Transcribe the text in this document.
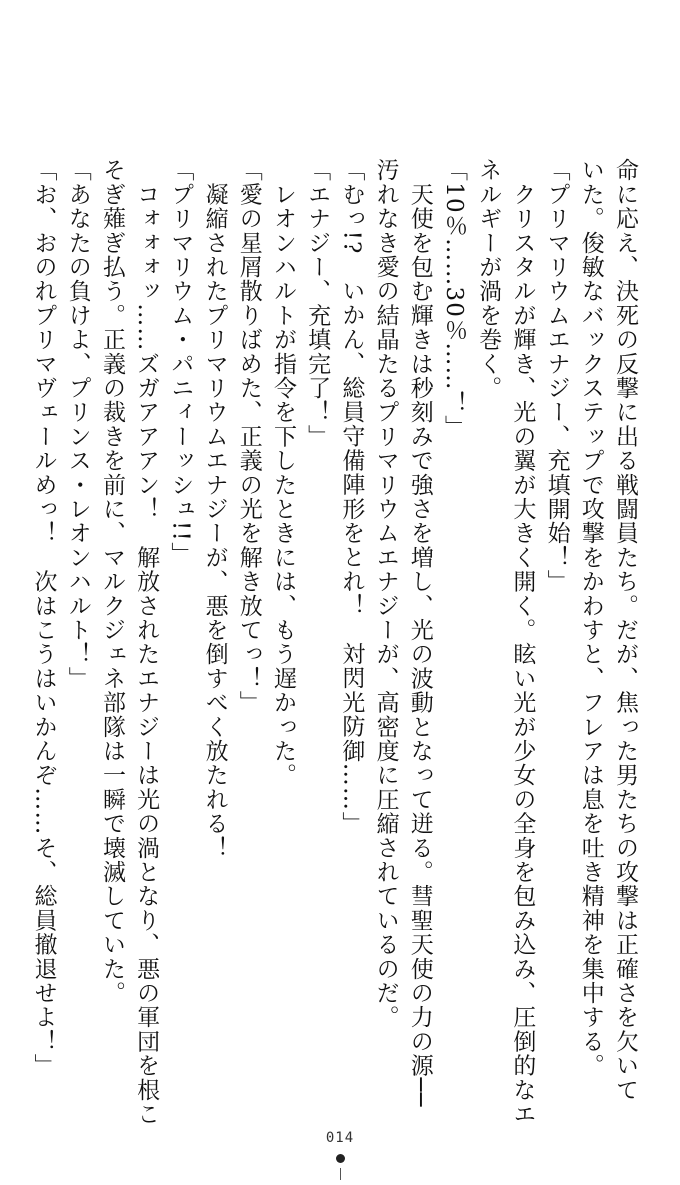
命に応え、決死の反撃に出る戦闘員たち。だが、焦った男たちの攻撃は正確さを欠いて
いた。俊敏なバックステップで攻撃をかわすと、フレアは息を吐き精神を集中する。
「プリマリウムエナジー、充填開始！」
　クリスタルが輝き、光の翼が大きく開く。眩い光が少女の全身を包み込み、圧倒的なエ
ネルギーが渦を巻く。
「10％……30％……！」
　天使を包む輝きは秒刻みで強さを増し、光の波動となって迸る。彗聖天使の力の源──
汚れなき愛の結晶たるプリマリウムエナジーが、高密度に圧縮されているのだ。
「むっ!?　いかん、総員守備陣形をとれ！　対閃光防御……」
「エナジー、充填完了！」
　レオンハルトが指令を下したときには、もう遅かった。
「愛の星屑散りばめた、正義の光を解き放てっ！」
　凝縮されたプリマリウムエナジーが、悪を倒すべく放たれる！
「プリマリウム・パニィーッシュ!!」
　コォォォッ……ズガアアアン！　解放されたエナジーは光の渦となり、悪の軍団を根こ
そぎ薙ぎ払う。正義の裁きを前に、マルクジェネ部隊は一瞬で壊滅していた。
「あなたの負けよ、プリンス・レオンハルト！」
「お、おのれプリマヴェールめっ！　次はこうはいかんぞ……そ、総員撤退せよ！」
014
